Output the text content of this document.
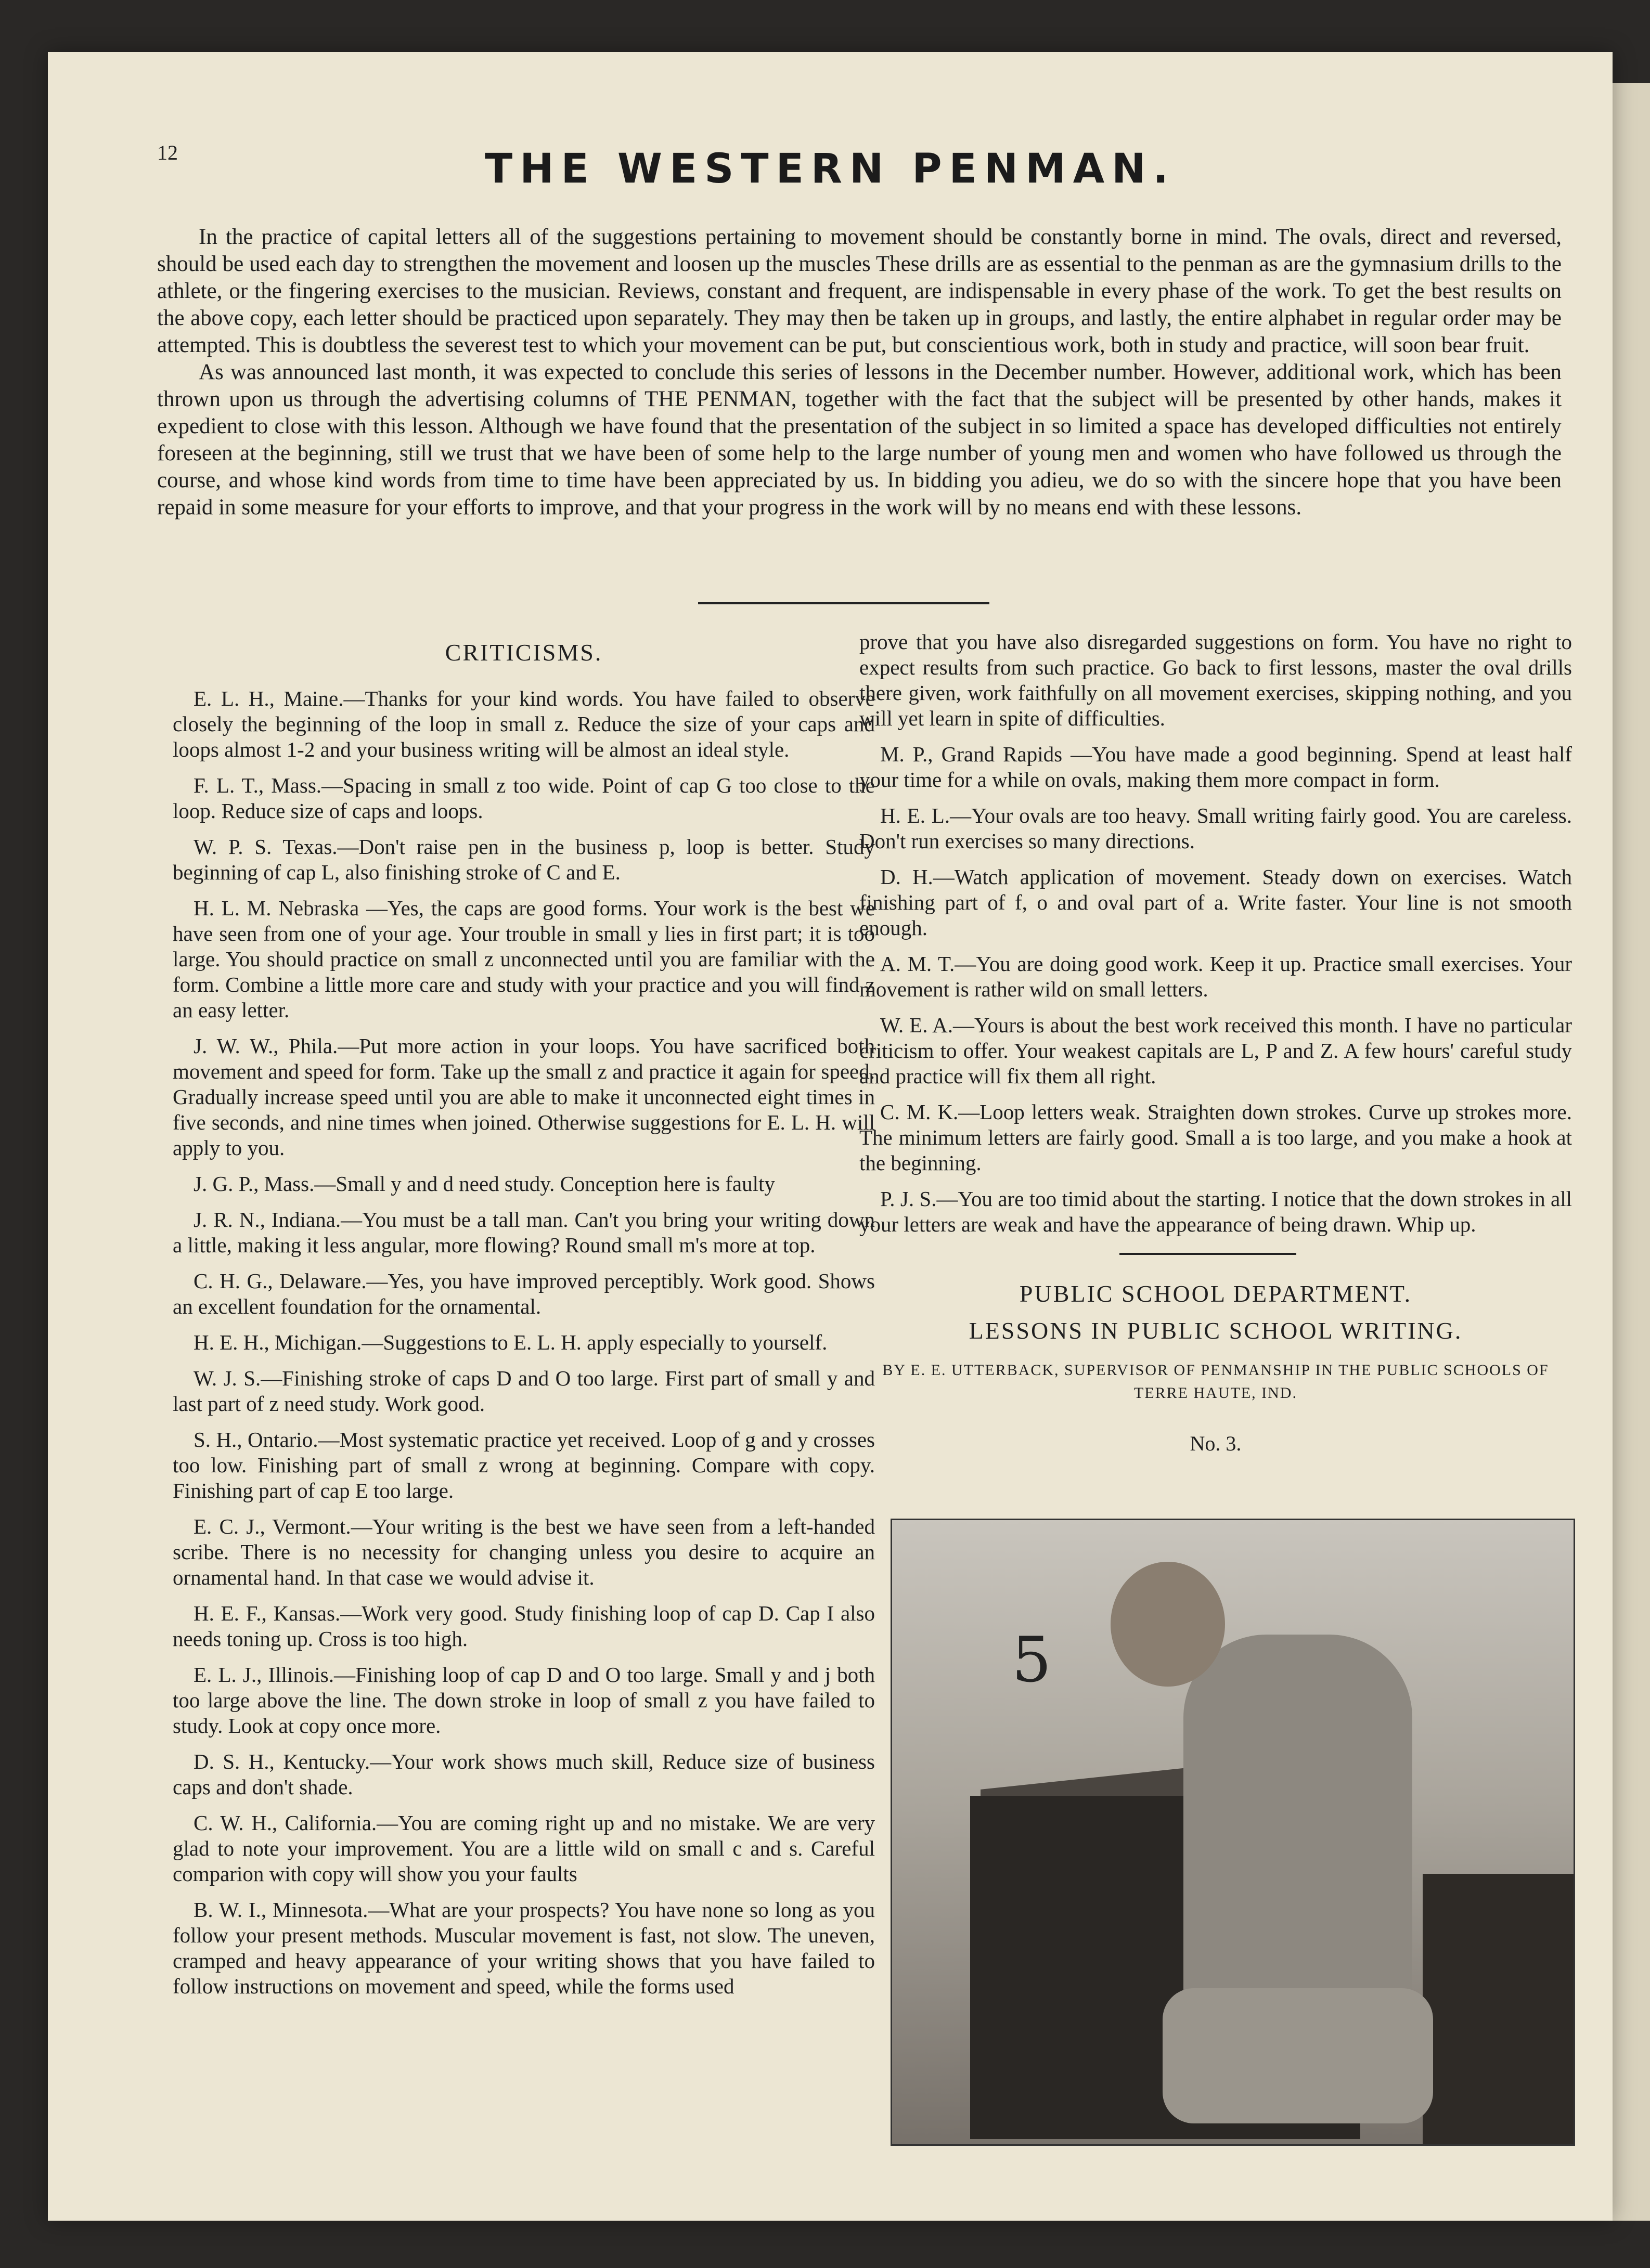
12	THE WESTERN PENMAN.

In the practice of capital letters all of the suggestions pertaining to movement should be constantly borne in mind. The ovals, direct and reversed, should be used each day to strengthen the movement and loosen up the muscles These drills are as essential to the penman as are the gymnasium drills to the athlete, or the fingering exercises to the musician. Reviews, constant and frequent, are indispensable in every phase of the work. To get the best results on the above copy, each letter should be practiced upon separately. They may then be taken up in groups, and lastly, the entire alphabet in regular order may be attempted. This is doubtless the severest test to which your movement can be put, but conscientious work, both in study and practice, will soon bear fruit.

As was announced last month, it was expected to conclude this series of lessons in the December number. However, additional work, which has been thrown upon us through the advertising columns of THE PENMAN, together with the fact that the subject will be presented by other hands, makes it expedient to close with this lesson. Although we have found that the presentation of the subject in so limited a space has developed difficulties not entirely foreseen at the beginning, still we trust that we have been of some help to the large number of young men and women who have followed us through the course, and whose kind words from time to time have been appreciated by us. In bidding you adieu, we do so with the sincere hope that you have been repaid in some measure for your efforts to improve, and that your progress in the work will by no means end with these lessons.

CRITICISMS.

E. L. H., Maine.—Thanks for your kind words. You have failed to observe closely the beginning of the loop in small z. Reduce the size of your caps and loops almost 1-2 and your business writing will be almost an ideal style.

F. L. T., Mass.—Spacing in small z too wide. Point of cap G too close to the loop. Reduce size of caps and loops.

W. P. S. Texas.—Don't raise pen in the business p, loop is better. Study beginning of cap L, also finishing stroke of C and E.

H. L. M. Nebraska —Yes, the caps are good forms. Your work is the best we have seen from one of your age. Your trouble in small y lies in first part; it is too large. You should practice on small z unconnected until you are familiar with the form. Combine a little more care and study with your practice and you will find z an easy letter.

J. W. W., Phila.—Put more action in your loops. You have sacrificed both movement and speed for form. Take up the small z and practice it again for speed. Gradually increase speed until you are able to make it unconnected eight times in five seconds, and nine times when joined. Otherwise suggestions for E. L. H. will apply to you.

J. G. P., Mass.—Small y and d need study. Conception here is faulty

J. R. N., Indiana.—You must be a tall man. Can't you bring your writing down a little, making it less angular, more flowing? Round small m's more at top.

C. H. G., Delaware.—Yes, you have improved perceptibly. Work good. Shows an excellent foundation for the ornamental.

H. E. H., Michigan.—Suggestions to E. L. H. apply especially to yourself.

W. J. S.—Finishing stroke of caps D and O too large. First part of small y and last part of z need study. Work good.

S. H., Ontario.—Most systematic practice yet received. Loop of g and y crosses too low. Finishing part of small z wrong at beginning. Compare with copy. Finishing part of cap E too large.

E. C. J., Vermont.—Your writing is the best we have seen from a left-handed scribe. There is no necessity for changing unless you desire to acquire an ornamental hand. In that case we would advise it.

H. E. F., Kansas.—Work very good. Study finishing loop of cap D. Cap I also needs toning up. Cross is too high.

E. L. J., Illinois.—Finishing loop of cap D and O too large. Small y and j both too large above the line. The down stroke in loop of small z you have failed to study. Look at copy once more.

D. S. H., Kentucky.—Your work shows much skill, Reduce size of business caps and don't shade.

C. W. H., California.—You are coming right up and no mistake. We are very glad to note your improvement. You are a little wild on small c and s. Careful comparion with copy will show you your faults

B. W. I., Minnesota.—What are your prospects? You have none so long as you follow your present methods. Muscular movement is fast, not slow. The uneven, cramped and heavy appearance of your writing shows that you have failed to follow instructions on movement and speed, while the forms used

prove that you have also disregarded suggestions on form. You have no right to expect results from such practice. Go back to first lessons, master the oval drills there given, work faithfully on all movement exercises, skipping nothing, and you will yet learn in spite of difficulties.

M. P., Grand Rapids —You have made a good beginning. Spend at least half your time for a while on ovals, making them more compact in form.

H. E. L.—Your ovals are too heavy. Small writing fairly good. You are careless. Don't run exercises so many directions.

D. H.—Watch application of movement. Steady down on exercises. Watch finishing part of f, o and oval part of a. Write faster. Your line is not smooth enough.

A. M. T.—You are doing good work. Keep it up. Practice small exercises. Your movement is rather wild on small letters.

W. E. A.—Yours is about the best work received this month. I have no particular criticism to offer. Your weakest capitals are L, P and Z. A few hours' careful study and practice will fix them all right.

C. M. K.—Loop letters weak. Straighten down strokes. Curve up strokes more. The minimum letters are fairly good. Small a is too large, and you make a hook at the beginning.

P. J. S.—You are too timid about the starting. I notice that the down strokes in all your letters are weak and have the appearance of being drawn. Whip up.

PUBLIC SCHOOL DEPARTMENT.
LESSONS IN PUBLIC SCHOOL WRITING.
BY E. E. UTTERBACK, SUPERVISOR OF PENMANSHIP IN THE PUBLIC SCHOOLS OF TERRE HAUTE, IND.
No. 3.
5
